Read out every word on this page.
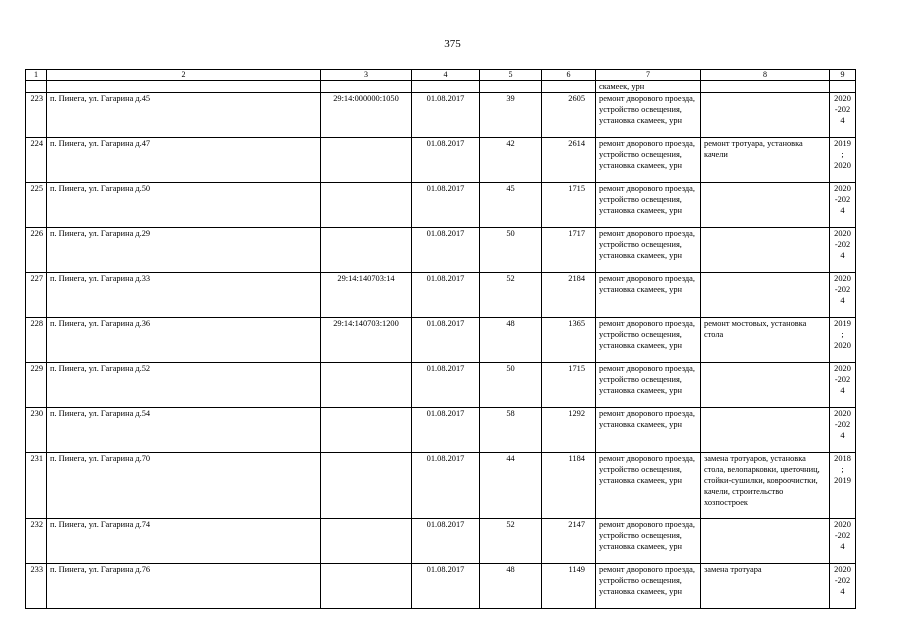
375
1	2	3	4	5	6	7	8	9
						скамеек, урн		
223	п. Пинега, ул. Гагарина д.45	29:14:000000:1050	01.08.2017	39	2605	ремонт дворового проезда, устройство освещения, установка скамеек, урн		2020-2024
224	п. Пинега, ул. Гагарина д.47		01.08.2017	42	2614	ремонт дворового проезда, устройство освещения, установка скамеек, урн	ремонт тротуара, установка качели	2019; 2020
225	п. Пинега, ул. Гагарина д.50		01.08.2017	45	1715	ремонт дворового проезда, устройство освещения, установка скамеек, урн		2020-2024
226	п. Пинега, ул. Гагарина д.29		01.08.2017	50	1717	ремонт дворового проезда, устройство освещения, установка скамеек, урн		2020-2024
227	п. Пинега, ул. Гагарина д.33	29:14:140703:14	01.08.2017	52	2184	ремонт дворового проезда, установка скамеек, урн		2020-2024
228	п. Пинега, ул. Гагарина д.36	29:14:140703:1200	01.08.2017	48	1365	ремонт дворового проезда, устройство освещения, установка скамеек, урн	ремонт мостовых, установка стола	2019; 2020
229	п. Пинега, ул. Гагарина д.52		01.08.2017	50	1715	ремонт дворового проезда, устройство освещения, установка скамеек, урн		2020-2024
230	п. Пинега, ул. Гагарина д.54		01.08.2017	58	1292	ремонт дворового проезда, установка скамеек, урн		2020-2024
231	п. Пинега, ул. Гагарина д.70		01.08.2017	44	1184	ремонт дворового проезда, устройство освещения, установка скамеек, урн	замена тротуаров, установка стола, велопарковки, цветочниц, стойки-сушилки, ковроочистки, качели, строительство хозпостроек	2018; 2019
232	п. Пинега, ул. Гагарина д.74		01.08.2017	52	2147	ремонт дворового проезда, устройство освещения, установка скамеек, урн		2020-2024
233	п. Пинега, ул. Гагарина д.76		01.08.2017	48	1149	ремонт дворового проезда, устройство освещения, установка скамеек, урн	замена тротуара	2020-2024
